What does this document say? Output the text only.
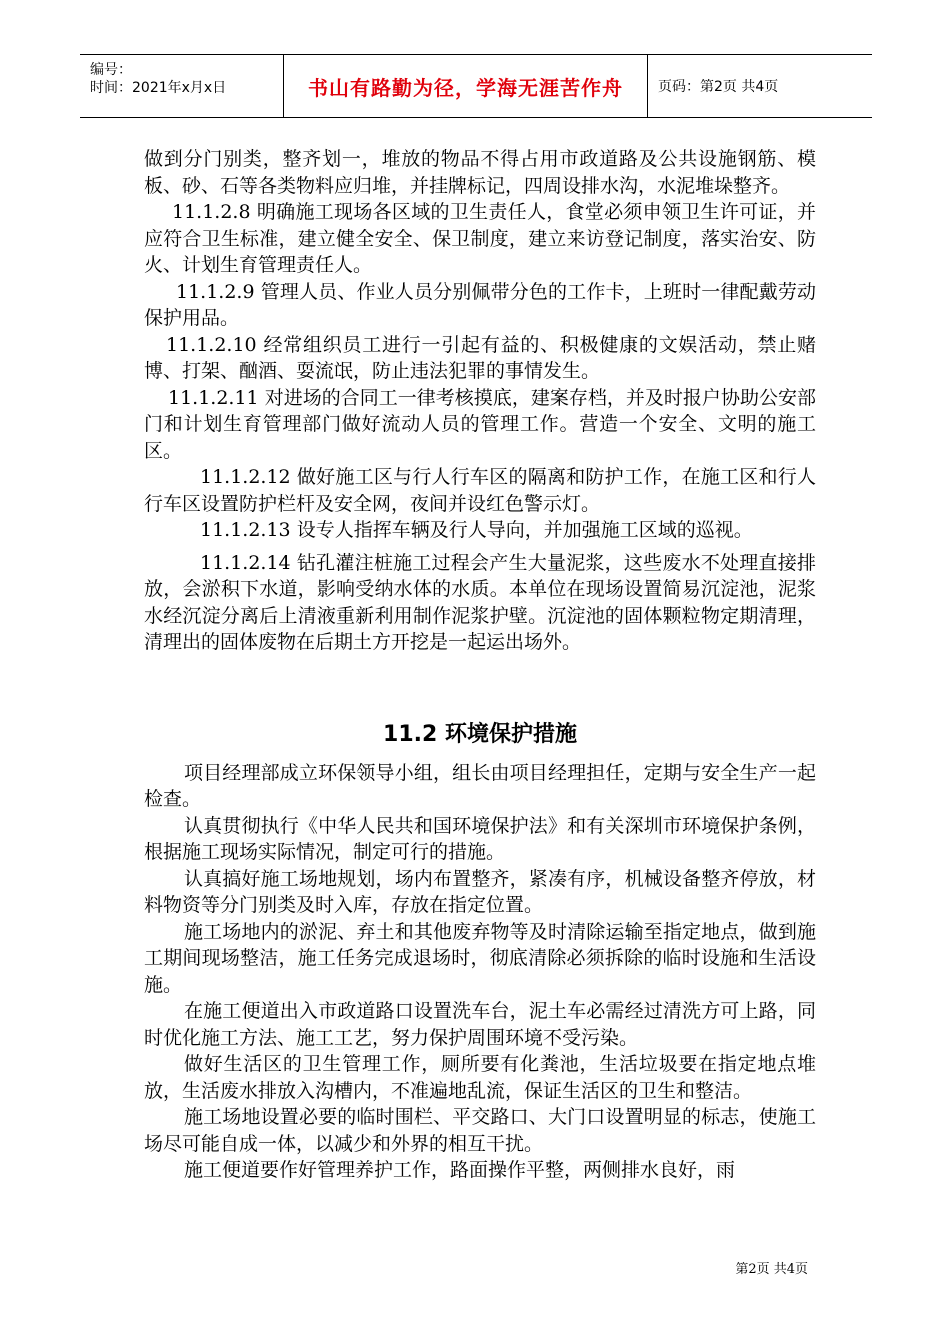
编号：
时间：2021年x月x日	书山有路勤为径，学海无涯苦作舟	页码：第2页 共4页

做到分门别类，整齐划一，堆放的物品不得占用市政道路及公共设施钢筋、模板、砂、石等各类物料应归堆，并挂牌标记，四周设排水沟，水泥堆垛整齐。

11.1.2.8 明确施工现场各区域的卫生责任人，食堂必须申领卫生许可证，并应符合卫生标准，建立健全安全、保卫制度，建立来访登记制度，落实治安、防火、计划生育管理责任人。

11.1.2.9 管理人员、作业人员分别佩带分色的工作卡，上班时一律配戴劳动保护用品。

11.1.2.10 经常组织员工进行一引起有益的、积极健康的文娱活动，禁止赌博、打架、酗酒、耍流氓，防止违法犯罪的事情发生。

11.1.2.11 对进场的合同工一律考核摸底，建案存档，并及时报户协助公安部门和计划生育管理部门做好流动人员的管理工作。营造一个安全、文明的施工区。

11.1.2.12 做好施工区与行人行车区的隔离和防护工作，在施工区和行人行车区设置防护栏杆及安全网，夜间并设红色警示灯。

11.1.2.13 设专人指挥车辆及行人导向，并加强施工区域的巡视。

11.1.2.14 钻孔灌注桩施工过程会产生大量泥浆，这些废水不处理直接排放，会淤积下水道，影响受纳水体的水质。本单位在现场设置简易沉淀池，泥浆水经沉淀分离后上清液重新利用制作泥浆护壁。沉淀池的固体颗粒物定期清理，清理出的固体废物在后期土方开挖是一起运出场外。

11.2 环境保护措施

项目经理部成立环保领导小组，组长由项目经理担任，定期与安全生产一起检查。

认真贯彻执行《中华人民共和国环境保护法》和有关深圳市环境保护条例，根据施工现场实际情况，制定可行的措施。

认真搞好施工场地规划，场内布置整齐，紧凑有序，机械设备整齐停放，材料物资等分门别类及时入库，存放在指定位置。

施工场地内的淤泥、弃土和其他废弃物等及时清除运输至指定地点，做到施工期间现场整洁，施工任务完成退场时，彻底清除必须拆除的临时设施和生活设施。

在施工便道出入市政道路口设置洗车台，泥土车必需经过清洗方可上路，同时优化施工方法、施工工艺，努力保护周围环境不受污染。

做好生活区的卫生管理工作，厕所要有化粪池，生活垃圾要在指定地点堆放，生活废水排放入沟槽内，不准遍地乱流，保证生活区的卫生和整洁。

施工场地设置必要的临时围栏、平交路口、大门口设置明显的标志，使施工场尽可能自成一体，以减少和外界的相互干扰。

施工便道要作好管理养护工作，路面操作平整，两侧排水良好，雨

第2页 共4页
